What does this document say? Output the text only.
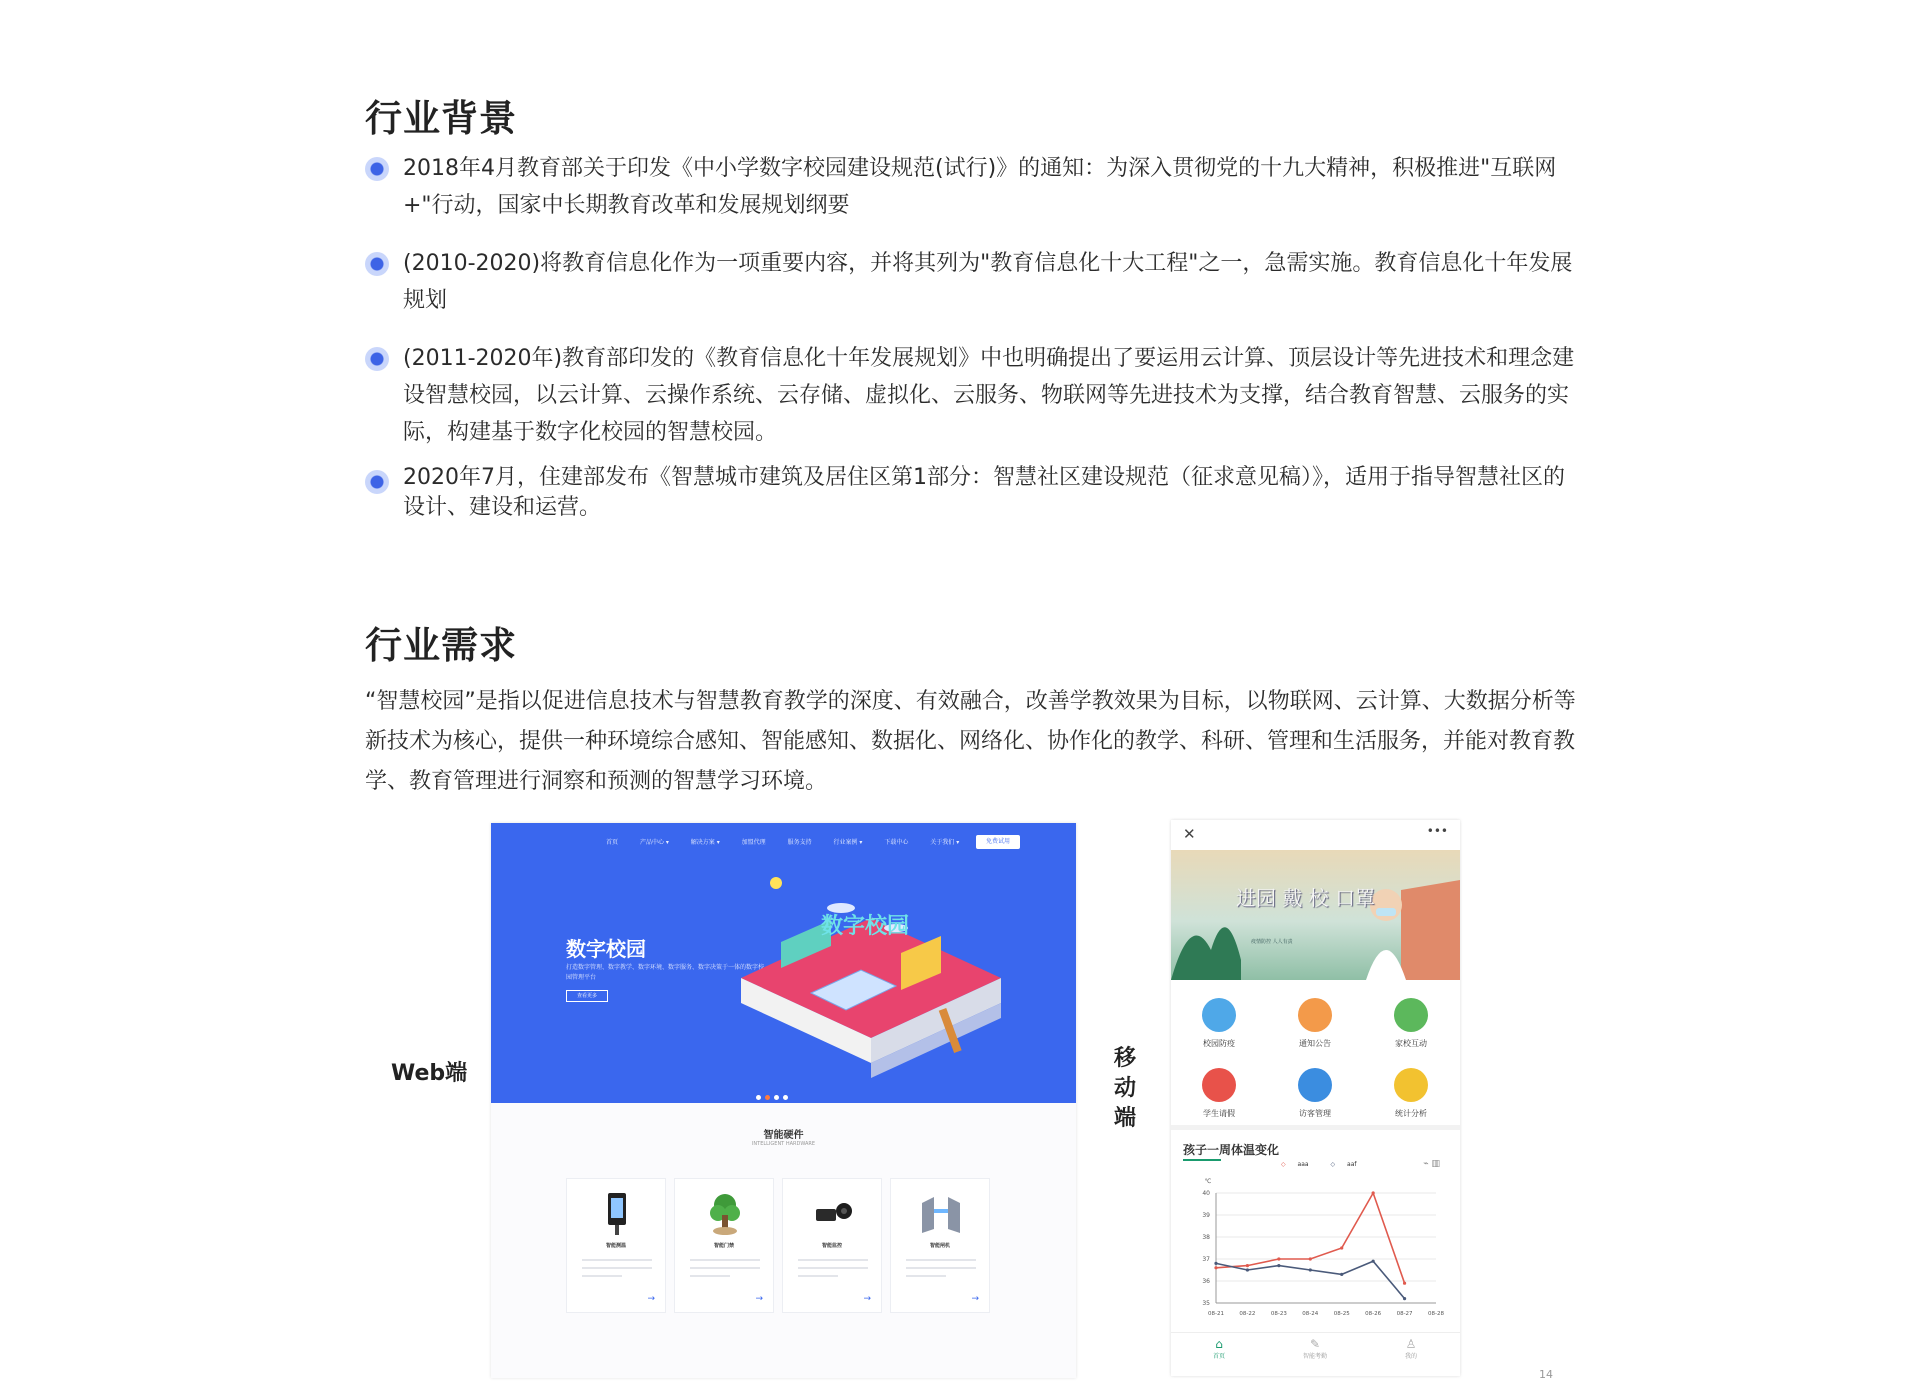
行业背景
2018年4月教育部关于印发《中小学数字校园建设规范(试行)》的通知：为深入贯彻党的十九大精神，积极推进"互联网+"行动，国家中长期教育改革和发展规划纲要
(2010-2020)将教育信息化作为一项重要内容，并将其列为"教育信息化十大工程"之一，急需实施。教育信息化十年发展规划
(2011-2020年)教育部印发的《教育信息化十年发展规划》中也明确提出了要运用云计算、顶层设计等先进技术和理念建设智慧校园，以云计算、云操作系统、云存储、虚拟化、云服务、物联网等先进技术为支撑，结合教育智慧、云服务的实际，构建基于数字化校园的智慧校园。
2020年7月，住建部发布《智慧城市建筑及居住区第1部分：智慧社区建设规范（征求意见稿）》，适用于指导智慧社区的设计、建设和运营。
行业需求
“智慧校园”是指以促进信息技术与智慧教育教学的深度、有效融合，改善学教效果为目标，以物联网、云计算、大数据分析等新技术为核心，提供一种环境综合感知、智能感知、数据化、网络化、协作化的教学、科研、管理和生活服务，并能对教育教学、教育管理进行洞察和预测的智慧学习环境。
Web端
移动端
首页	产品中心 ▾	解决方案 ▾	加盟代理	服务支持	行业案例 ▾	下载中心	关于我们 ▾	免费试用
数字校园
打造数字管理、数字教学、数字环境、数字服务、数字决策于一体的数字校园管理平台
查看更多
数字校园
智能硬件
INTELLIGENT HARDWARE
智能测温
→
智能门禁
→
智能监控
→
智能闸机
→
✕	•••
进园 戴 校 口罩
疫情防控 人人有责
校园防疫	通知公告	家校互动
学生请假	访客管理	统计分析
孩子一周体温变化
◇ aaa	◇ aaf	⌁ ▥
℃
35
36
37
38
39
40
08-21	08-22	08-23	08-24	08-25	08-26	08-27	08-28
⌂
首页
✎
智能考勤
♙
我的
14
